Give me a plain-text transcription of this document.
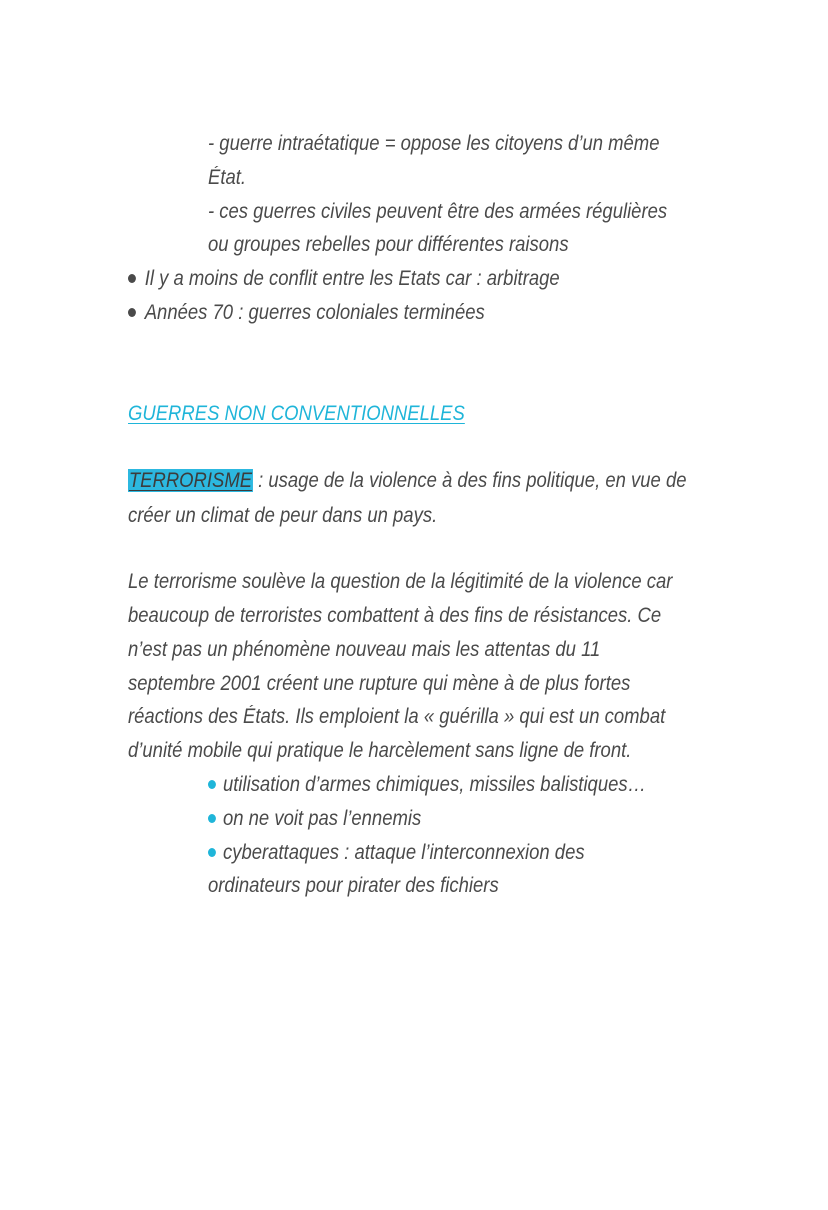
- guerre intraétatique = oppose les citoyens d’un même
État.
- ces guerres civiles peuvent être des armées régulières
ou groupes rebelles pour différentes raisons
Il y a moins de conflit entre les Etats car : arbitrage
Années 70 : guerres coloniales terminées
GUERRES NON CONVENTIONNELLES
TERRORISME : usage de la violence à des fins politique, en vue de
créer un climat de peur dans un pays.
Le terrorisme soulève la question de la légitimité de la violence car
beaucoup de terroristes combattent à des fins de résistances. Ce
n’est pas un phénomène nouveau mais les attentas du 11
septembre 2001 créent une rupture qui mène à de plus fortes
réactions des États. Ils emploient la « guérilla » qui est un combat
d’unité mobile qui pratique le harcèlement sans ligne de front.
utilisation d’armes chimiques, missiles balistiques…
on ne voit pas l’ennemis
cyberattaques : attaque l’interconnexion des
ordinateurs pour pirater des fichiers
